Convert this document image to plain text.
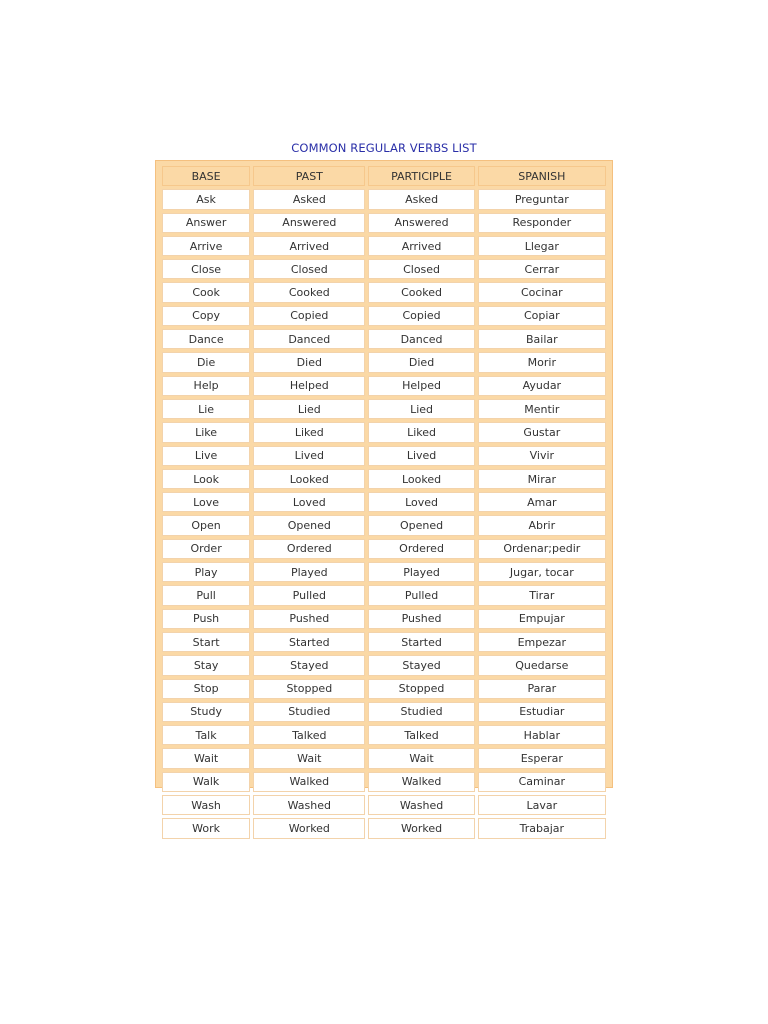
COMMON REGULAR VERBS LIST
BASE	PAST	PARTICIPLE	SPANISH
Ask	Asked	Asked	Preguntar
Answer	Answered	Answered	Responder
Arrive	Arrived	Arrived	Llegar
Close	Closed	Closed	Cerrar
Cook	Cooked	Cooked	Cocinar
Copy	Copied	Copied	Copiar
Dance	Danced	Danced	Bailar
Die	Died	Died	Morir
Help	Helped	Helped	Ayudar
Lie	Lied	Lied	Mentir
Like	Liked	Liked	Gustar
Live	Lived	Lived	Vivir
Look	Looked	Looked	Mirar
Love	Loved	Loved	Amar
Open	Opened	Opened	Abrir
Order	Ordered	Ordered	Ordenar;pedir
Play	Played	Played	Jugar, tocar
Pull	Pulled	Pulled	Tirar
Push	Pushed	Pushed	Empujar
Start	Started	Started	Empezar
Stay	Stayed	Stayed	Quedarse
Stop	Stopped	Stopped	Parar
Study	Studied	Studied	Estudiar
Talk	Talked	Talked	Hablar
Wait	Wait	Wait	Esperar
Walk	Walked	Walked	Caminar
Wash	Washed	Washed	Lavar
Work	Worked	Worked	Trabajar
